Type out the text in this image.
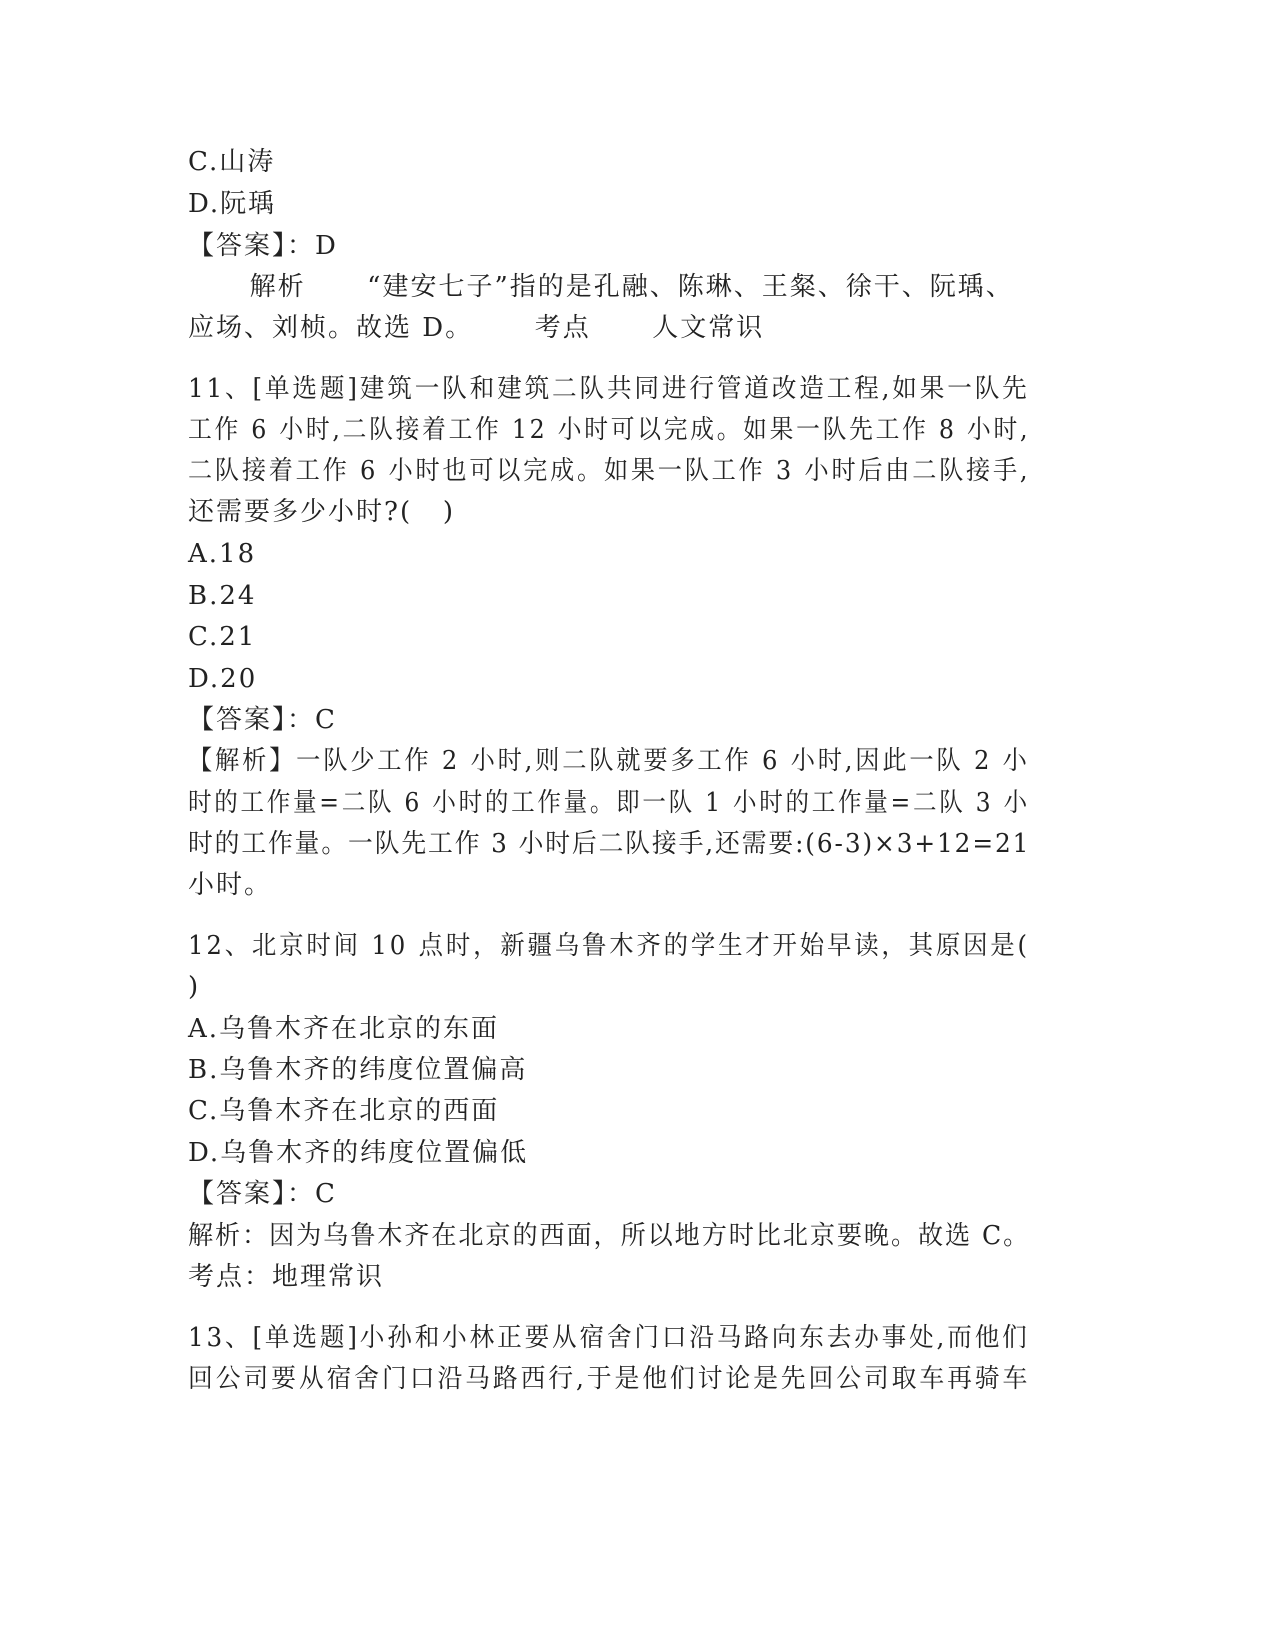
C.山涛
D.阮瑀
【答案】：D
解析      “建安七子”指的是孔融、陈琳、王粲、徐干、阮瑀、
应场、刘桢。故选 D。      考点      人文常识
11、[单选题]建筑一队和建筑二队共同进行管道改造工程,如果一队先
工作 6 小时,二队接着工作 12 小时可以完成。如果一队先工作 8 小时,
二队接着工作 6 小时也可以完成。如果一队工作 3 小时后由二队接手,
还需要多少小时?(   )
A.18
B.24
C.21
D.20
【答案】：C
【解析】一队少工作 2 小时,则二队就要多工作 6 小时,因此一队 2 小
时的工作量=二队 6 小时的工作量。即一队 1 小时的工作量=二队 3 小
时的工作量。一队先工作 3 小时后二队接手,还需要:(6-3)×3+12=21
小时。
12、北京时间 10 点时，新疆乌鲁木齐的学生才开始早读，其原因是(
)
A.乌鲁木齐在北京的东面
B.乌鲁木齐的纬度位置偏高
C.乌鲁木齐在北京的西面
D.乌鲁木齐的纬度位置偏低
【答案】：C
解析：因为乌鲁木齐在北京的西面，所以地方时比北京要晚。故选 C。
考点：地理常识
13、[单选题]小孙和小林正要从宿舍门口沿马路向东去办事处,而他们
回公司要从宿舍门口沿马路西行,于是他们讨论是先回公司取车再骑车
